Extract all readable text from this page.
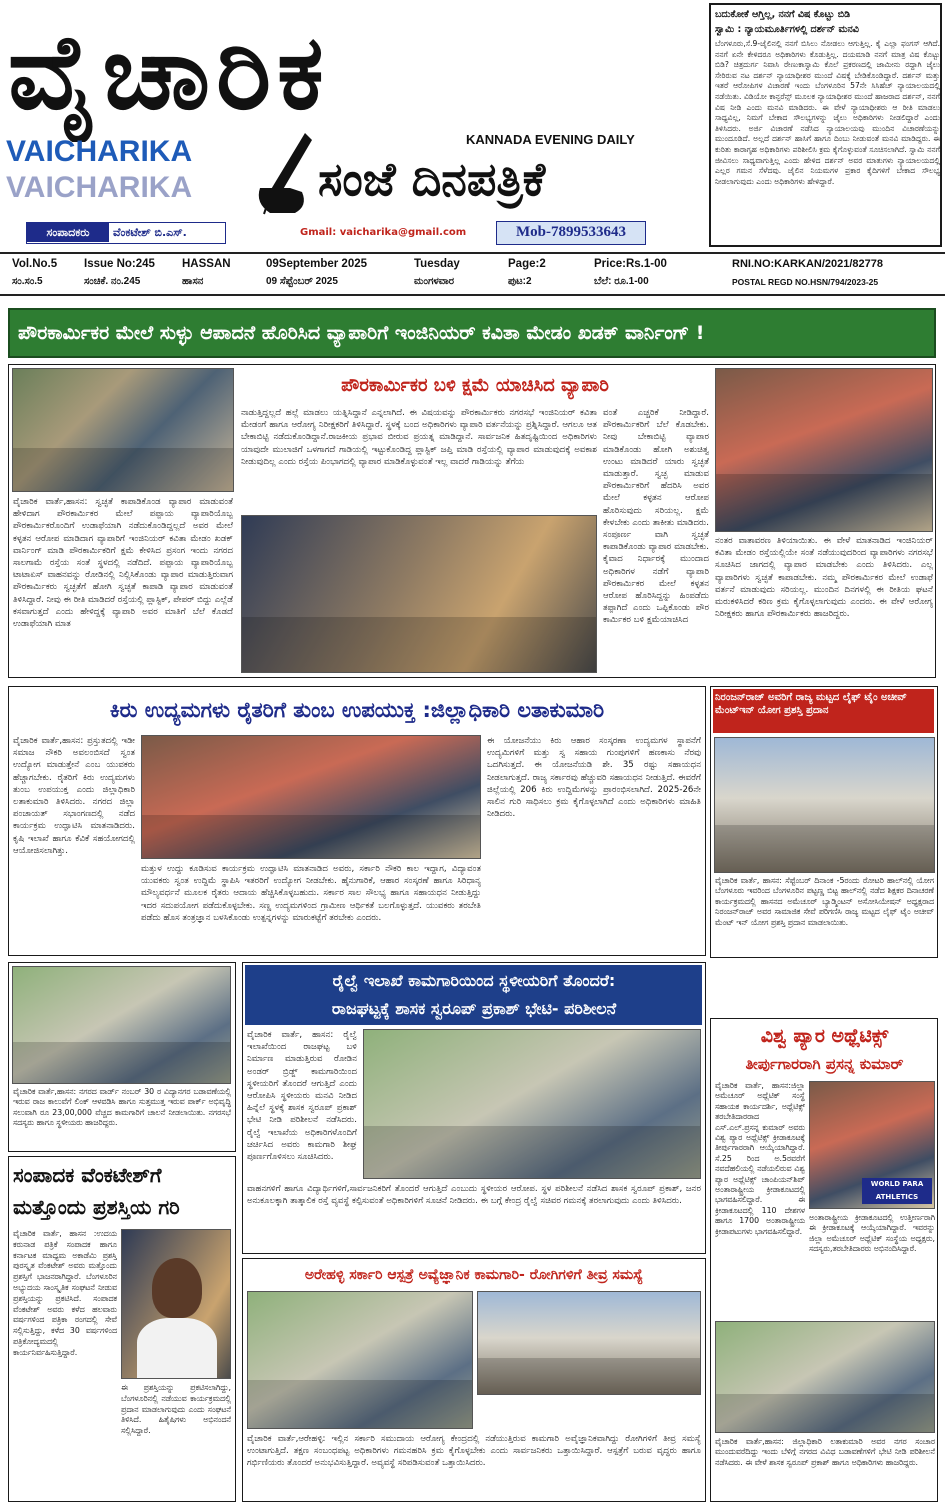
ವೈಚಾರಿಕ
VAICHARIKA
VAICHARIKA
KANNADA EVENING DAILY
ಸಂಜೆ ದಿನಪತ್ರಿಕೆ
ಸಂಪಾದಕರು	ವೆಂಕಟೇಶ್ ಬಿ.ಎಸ್.	Gmail: vaicharika@gmail.com	Mob-7899533643
ಬದುಕೋಕೆ ಆಗ್ತಿಲ್ಲ, ನನಗೆ ವಿಷ ಕೊಟ್ಟು ಬಿಡಿ
ಸ್ವಾಮಿ : ನ್ಯಾಯಮೂರ್ತಿಗಳಲ್ಲಿ ದರ್ಶನ್ ಮನವಿ
ಬೆಂಗಳೂರು,ಸೆ.9-ಜೈಲಿನಲ್ಲಿ ನನಗೆ ಬಿಸಿಲು ನೋಡಲು ಆಗುತ್ತಿಲ್ಲ. ಕೈ ಎಲ್ಲಾ ಫಂಗಸ್ ಆಗಿದೆ. ನನಗೆ ಏನೇ ಕೇಳಿದರೂ ಅಧಿಕಾರಿಗಳು ಕೊಡುತ್ತಿಲ್ಲ. ದಯಮಾಡಿ ನನಗೆ ಮಾತ್ರ ವಿಷ ಕೊಟ್ಟು ಬಿಡಿ? ಚಿತ್ರದುರ್ಗ ನಿವಾಸಿ ರೇಣುಕಾಸ್ವಾಮಿ ಕೊಲೆ ಪ್ರಕರಣದಲ್ಲಿ ಜಾಮೀನು ರದ್ದಾಗಿ ಜೈಲು ಸೇರಿರುವ ನಟ ದರ್ಶನ್ ನ್ಯಾಯಾಧೀಶರ ಮುಂದೆ ವಿಷಕ್ಕೆ ಬೇಡಿಕೊಂಡಿದ್ದಾರೆ. ದರ್ಶನ್ ಮತ್ತು ಇತರೆ ಆರೋಪಿಗಳ ವಿಚಾರಣೆ ಇಂದು ಬೆಂಗಳೂರಿನ 57ನೇ ಸಿಸಿಹೆಚ್ ನ್ಯಾಯಾಲಯದಲ್ಲಿ ನಡೆಯಿತು. ವಿಡಿಯೋ ಕಾನ್ಫರೆನ್ಸ್ ಮೂಲಕ ನ್ಯಾಯಾಧೀಶರ ಮುಂದೆ ಹಾಜರಾದ ದರ್ಶನ್, ನನಗೆ ವಿಷ ನೀಡಿ ಎಂದು ಮನವಿ ಮಾಡಿದರು. ಈ ವೇಳೆ ನ್ಯಾಯಾಧೀಶರು ಆ ರೀತಿ ಮಾಡಲು ಸಾಧ್ಯವಿಲ್ಲ, ನಿಮಗೆ ಬೇಕಾದ ಸೌಲಭ್ಯಗಳನ್ನು ಜೈಲು ಅಧಿಕಾರಿಗಳು ನೀಡಲಿದ್ದಾರೆ ಎಂದು ತಿಳಿಸಿದರು. ಅರ್ಜಿ ವಿಚಾರಣೆ ನಡೆಸಿದ ನ್ಯಾಯಾಲಯವು ಮುಂದಿನ ವಿಚಾರಣೆಯನ್ನು ಮುಂದೂಡಿದೆ. ಅಲ್ಲದೆ ದರ್ಶನ್ ಹಾಸಿಗೆ ಹಾಗೂ ದಿಂಬು ನೀಡುವಂತೆ ಮನವಿ ಮಾಡಿದ್ದರು. ಈ ಕುರಿತು ಕಾರಾಗೃಹ ಅಧಿಕಾರಿಗಳು ಪರಿಶೀಲಿಸಿ ಕ್ರಮ ಕೈಗೊಳ್ಳುವಂತೆ ಸೂಚಿಸಲಾಗಿದೆ. ಸ್ವಾಮಿ ನನಗೆ ಜೀವಿಸಲು ಸಾಧ್ಯವಾಗುತ್ತಿಲ್ಲ ಎಂದು ಹೇಳಿದ ದರ್ಶನ್ ಅವರ ಮಾತುಗಳು ನ್ಯಾಯಾಲಯದಲ್ಲಿ ಎಲ್ಲರ ಗಮನ ಸೆಳೆದವು. ಜೈಲಿನ ನಿಯಮಗಳ ಪ್ರಕಾರ ಕೈದಿಗಳಿಗೆ ಬೇಕಾದ ಸೌಲಭ್ಯ ನೀಡಲಾಗುವುದು ಎಂದು ಅಧಿಕಾರಿಗಳು ಹೇಳಿದ್ದಾರೆ.
Vol.No.5 Issue No:245 HASSAN	09September 2025	Tuesday	Page:2	Price:Rs.1-00
ಸಂ.ಸಂ.5	ಸಂಚಿಕೆ. ನಂ.245	ಹಾಸನ	09 ಸೆಪ್ಟೆಂಬರ್ 2025	ಮಂಗಳವಾರ	ಪುಟ:2	ಬೆಲೆ: ರೂ.1-00
RNI.NO:KARKAN/2021/82778
POSTAL REGD NO.HSN/794/2023-25
ಪೌರಕಾರ್ಮಿಕರ ಮೇಲೆ ಸುಳ್ಳು ಆಪಾದನೆ ಹೊರಿಸಿದ ವ್ಯಾಪಾರಿಗೆ ಇಂಜಿನಿಯರ್ ಕವಿತಾ ಮೇಡಂ ಖಡಕ್ ವಾರ್ನಿಂಗ್ !
ವೈಚಾರಿಕ ವಾರ್ತೆ,ಹಾಸನ: ಸ್ವಚ್ಛತೆ ಕಾಪಾಡಿಕೊಂಡ ವ್ಯಾಪಾರ ಮಾಡುವಂತೆ ಹೇಳಿದಾಗ ಪೌರಕಾರ್ಮಿಕರ ಮೇಲೆ ಪಪ್ಪಾಯ ವ್ಯಾಪಾರಿಯೊಬ್ಬ ಪೌರಕಾರ್ಮಿಕರೊಂದಿಗೆ ಉಡಾಫೆಯಾಗಿ ನಡೆದುಕೊಂಡಿದ್ದಲ್ಲದೆ ಅವರ ಮೇಲೆ ಕಳ್ಳತನ ಆರೋಪ ಮಾಡಿದಾಗ ವ್ಯಾಪಾರಿಗೆ ಇಂಜಿನಿಯರ್ ಕವಿತಾ ಮೇಡಂ ಖಡಕ್ ವಾರ್ನಿಂಗ್ ಮಾಡಿ ಪೌರಕಾರ್ಮಿಕರಿಗೆ ಕ್ಷಮೆ ಕೇಳಿಸಿದ ಪ್ರಸಂಗ ಇಂದು ನಗರದ ಸಾಲಗಾಮೆ ರಸ್ತೆಯ ಸಂತೆ ಸ್ಥಳದಲ್ಲಿ ನಡೆದಿದೆ. ಪಪ್ಪಾಯ ವ್ಯಾಪಾರಿಯೊಬ್ಬ ಟಾಟಾಏಸ್ ವಾಹನವನ್ನು ರೋಡಿನಲ್ಲಿ ನಿಲ್ಲಿಸಿಕೊಂಡು ವ್ಯಾಪಾರ ಮಾಡುತ್ತಿರುವಾಗ ಪೌರಕಾರ್ಮಿಕರು ಸ್ವಚ್ಛತೆಗೆ ಹೋಗಿ ಸ್ವಚ್ಛತೆ ಕಾಪಾಡಿ ವ್ಯಾಪಾರ ಮಾಡುವಂತೆ ತಿಳಿಸಿದ್ದಾರೆ. ನೀವು ಈ ರೀತಿ ಮಾಡಿದರೆ ರಸ್ತೆಯಲ್ಲಿ ಪ್ಲಾಸ್ಟಿಕ್, ಪೇಪರ್ ಬಿದ್ದು ಎಲ್ಲೆಡೆ ಕಸವಾಗುತ್ತದೆ ಎಂದು ಹೇಳಿದ್ದಕ್ಕೆ ವ್ಯಾಪಾರಿ ಅವರ ಮಾತಿಗೆ ಬೆಲೆ ಕೊಡದೆ ಉಡಾಫೆಯಾಗಿ ಮಾತ
ಪೌರಕಾರ್ಮಿಕರ ಬಳಿ ಕ್ಷಮೆ ಯಾಚಿಸಿದ ವ್ಯಾಪಾರಿ
ನಾಡುತ್ತಿದ್ದಲ್ಲದೆ ಹಲ್ಲೆ ಮಾಡಲು ಯತ್ನಿಸಿದ್ದಾನೆ ಎನ್ನಲಾಗಿದೆ. ಈ ವಿಷಯವನ್ನು ಪೌರಕಾರ್ಮಿಕರು ನಗರಸಭೆ ಇಂಜಿನಿಯರ್ ಕವಿತಾ ಮೇಡಂಗೆ ಹಾಗೂ ಆರೋಗ್ಯ ನಿರೀಕ್ಷಕರಿಗೆ ತಿಳಿಸಿದ್ದಾರೆ. ಸ್ಥಳಕ್ಕೆ ಬಂದ ಅಧಿಕಾರಿಗಳು ವ್ಯಾಪಾರಿ ವರ್ತನೆಯನ್ನು ಪ್ರಶ್ನಿಸಿದ್ದಾರೆ. ಆಗಲೂ ಆತ ಬೇಕಾಬಿಟ್ಟಿ ನಡೆದುಕೊಂಡಿದ್ದಾನೆ.ರಾಜಕೀಯ ಪ್ರಭಾವ ಬೀರುವ ಪ್ರಯತ್ನ ಮಾಡಿದ್ದಾನೆ. ಸಾರ್ವಜನಿಕ ಹಿತದೃಷ್ಟಿಯಿಂದ ಅಧಿಕಾರಿಗಳು ಯಾವುದೇ ಮುಲಾಜಿಗೆ ಒಳಗಾಗದೆ ಗಾಡಿಯಲ್ಲಿ ಇಟ್ಟುಕೊಂಡಿದ್ದ ಪ್ಲಾಸ್ಟಿಕ್ ಜಪ್ತಿ ಮಾಡಿ ರಸ್ತೆಯಲ್ಲಿ ವ್ಯಾಪಾರ ಮಾಡುವುದಕ್ಕೆ ಅವಕಾಶ ನೀಡುವುದಿಲ್ಲ ಎಂದು ರಸ್ತೆಯ ಪಿಂಭಾಗದಲ್ಲಿ ವ್ಯಾಪಾರ ಮಾಡಿಕೊಳ್ಳುವಂತೆ ಇಲ್ಲ ವಾದರೆ ಗಾಡಿಯನ್ನು ತೆಗೆಯ
ವಂತೆ ಎಚ್ಚರಿಕೆ ನೀಡಿದ್ದಾರೆ. ಪೌರಕಾರ್ಮಿಕರಿಗೆ ಬೆಲೆ ಕೊಡಬೇಕು. ನೀವು ಬೇಕಾಬಿಟ್ಟಿ ವ್ಯಾಪಾರ ಮಾಡಿಕೊಂಡು ಹೋಗಿ ಅಶುಚಿತ್ವ ಉಂಟು ಮಾಡಿದರೆ ಯಾರು ಸ್ವಚ್ಛತೆ ಮಾಡುತ್ತಾರೆ. ಸ್ವಚ್ಛ ಮಾಡುವ ಪೌರಕಾರ್ಮಿಕರಿಗೆ ಹೆದರಿಸಿ ಅವರ ಮೇಲೆ ಕಳ್ಳತನ ಆರೋಪ ಹೊರಿಸುವುದು ಸರಿಯಲ್ಲ. ಕ್ಷಮೆ ಕೇಳಬೇಕು ಎಂದು ತಾಕೀತು ಮಾಡಿದರು. ಸಂಪೂರ್ಣ ವಾಗಿ ಸ್ವಚ್ಛತೆ ಕಾಪಾಡಿಕೊಂಡು ವ್ಯಾಪಾರ ಮಾಡಬೇಕು. ಕೈವಾದ ನಿರ್ಧಾರಕ್ಕೆ ಮುಂದಾದ ಅಧಿಕಾರಿಗಳ ನಡೆಗೆ ವ್ಯಾಪಾರಿ ಪೌರಕಾರ್ಮಿಕರ ಮೇಲೆ ಕಳ್ಳತನ ಆರೋಪ ಹೊರಿಸಿದ್ದನ್ನು ಹಿಂಪಡೆದು ತಪ್ಪಾಗಿದೆ ಎಂದು ಒಪ್ಪಿಕೊಂಡು ಪೌರ ಕಾರ್ಮಿಕರ ಬಳಿ ಕ್ಷಮೆಯಾಚಿಸಿದ
ನಂತರ ವಾತಾವರಣ ತಿಳಿಯಾಯಿತು. ಈ ವೇಳೆ ಮಾತನಾಡಿದ ಇಂಜಿನಿಯರ್ ಕವಿತಾ ಮೇಡಂ ರಸ್ತೆಯಲ್ಲಿಯೇ ಸಂತೆ ನಡೆಯುವುದರಿಂದ ವ್ಯಾಪಾರಿಗಳು ನಗರಸಭೆ ಸೂಚಿಸಿದ ಜಾಗದಲ್ಲಿ ವ್ಯಾಪಾರ ಮಾಡಬೇಕು ಎಂದು ತಿಳಿಸಿದರು. ಎಲ್ಲ ವ್ಯಾಪಾರಿಗಳು ಸ್ವಚ್ಛತೆ ಕಾಪಾಡಬೇಕು. ನಮ್ಮ ಪೌರಕಾರ್ಮಿಕರ ಮೇಲೆ ಉಡಾಫೆ ವರ್ತನೆ ಮಾಡುವುದು ಸರಿಯಲ್ಲ. ಮುಂದಿನ ದಿನಗಳಲ್ಲಿ ಈ ರೀತಿಯ ಘಟನೆ ಮರುಕಳಿಸಿದರೆ ಕಠಿಣ ಕ್ರಮ ಕೈಗೊಳ್ಳಲಾಗುವುದು ಎಂದರು. ಈ ವೇಳೆ ಆರೋಗ್ಯ ನಿರೀಕ್ಷಕರು ಹಾಗೂ ಪೌರಕಾರ್ಮಿಕರು ಹಾಜರಿದ್ದರು.
ಕಿರು ಉದ್ಯಮಗಳು ರೈತರಿಗೆ ತುಂಬ ಉಪಯುಕ್ತ :ಜಿಲ್ಲಾಧಿಕಾರಿ ಲತಾಕುಮಾರಿ
ವೈಚಾರಿಕ ವಾರ್ತೆ,ಹಾಸನ: ಪ್ರಸ್ತುತದಲ್ಲಿ ಇಡೀ ಸಮಾಜ ನೌಕರಿ ಅವಲಂಬಿಸದೆ ಸ್ವಂತ ಉದ್ಯೋಗ ಮಾಡುತ್ತೇನೆ ಎಂಬ ಯುವಕರು ಹೆಚ್ಚಾಗಬೇಕು. ರೈತರಿಗೆ ಕಿರು ಉದ್ಯಮಗಳು ತುಂಬ ಉಪಯುಕ್ತ ಎಂದು ಜಿಲ್ಲಾಧಿಕಾರಿ ಲತಾಕುಮಾರಿ ತಿಳಿಸಿದರು. ನಗರದ ಜಿಲ್ಲಾ ಪಂಚಾಯತ್ ಸಭಾಂಗಣದಲ್ಲಿ ನಡೆದ ಕಾರ್ಯಕ್ರಮ ಉದ್ಘಾಟಿಸಿ ಮಾತನಾಡಿದರು. ಕೃಷಿ ಇಲಾಖೆ ಹಾಗೂ ಕೆವಿಕೆ ಸಹಯೋಗದಲ್ಲಿ ಆಯೋಜಿಸಲಾಗಿತ್ತು.
ಮತ್ತುಳ ಉದ್ದು ಕೂಡಿಸುವ ಕಾರ್ಯಕ್ರಮ ಉದ್ಘಾಟಿಸಿ ಮಾತನಾಡಿದ ಅವರು, ಸರ್ಕಾರಿ ನೌಕರಿ ಕಾಲ ಇದ್ದಾಗ, ವಿದ್ಯಾವಂತ ಯುವಕರು ಸ್ವಂತ ಉದ್ದಿಮೆ ಸ್ಥಾಪಿಸಿ ಇತರರಿಗೆ ಉದ್ಯೋಗ ನೀಡಬೇಕು. ಹೈನುಗಾರಿಕೆ, ಆಹಾರ ಸಂಸ್ಕರಣೆ ಹಾಗೂ ಸಿರಿಧಾನ್ಯ ಮೌಲ್ಯವರ್ಧನೆ ಮೂಲಕ ರೈತರು ಆದಾಯ ಹೆಚ್ಚಿಸಿಕೊಳ್ಳಬಹುದು. ಸರ್ಕಾರ ಸಾಲ ಸೌಲಭ್ಯ ಹಾಗೂ ಸಹಾಯಧನ ನೀಡುತ್ತಿದ್ದು ಇದರ ಸದುಪಯೋಗ ಪಡೆದುಕೊಳ್ಳಬೇಕು. ಸಣ್ಣ ಉದ್ಯಮಗಳಿಂದ ಗ್ರಾಮೀಣ ಆರ್ಥಿಕತೆ ಬಲಗೊಳ್ಳುತ್ತದೆ. ಯುವಕರು ತರಬೇತಿ ಪಡೆದು ಹೊಸ ತಂತ್ರಜ್ಞಾನ ಬಳಸಿಕೊಂಡು ಉತ್ಪನ್ನಗಳನ್ನು ಮಾರುಕಟ್ಟೆಗೆ ತರಬೇಕು ಎಂದರು.
ಈ ಯೋಜನೆಯು ಕಿರು ಆಹಾರ ಸಂಸ್ಕರಣಾ ಉದ್ಯಮಗಳ ಸ್ಥಾಪನೆಗೆ ಉದ್ಯಮಿಗಳಿಗೆ ಮತ್ತು ಸ್ವ ಸಹಾಯ ಗುಂಪುಗಳಿಗೆ ಹಣಕಾಸು ನೆರವು ಒದಗಿಸುತ್ತದೆ. ಈ ಯೋಜನೆಯಡಿ ಶೇ. 35 ರಷ್ಟು ಸಹಾಯಧನ ನೀಡಲಾಗುತ್ತದೆ. ರಾಜ್ಯ ಸರ್ಕಾರವು ಹೆಚ್ಚುವರಿ ಸಹಾಯಧನ ನೀಡುತ್ತಿದೆ. ಈವರೆಗೆ ಜಿಲ್ಲೆಯಲ್ಲಿ 206 ಕಿರು ಉದ್ದಿಮೆಗಳನ್ನು ಪ್ರಾರಂಭಿಸಲಾಗಿದೆ. 2025-26ನೇ ಸಾಲಿನ ಗುರಿ ಸಾಧಿಸಲು ಕ್ರಮ ಕೈಗೊಳ್ಳಲಾಗಿದೆ ಎಂದು ಅಧಿಕಾರಿಗಳು ಮಾಹಿತಿ ನೀಡಿದರು.
ನಿರಂಜನ್‌ರಾಜ್ ಅವರಿಗೆ ರಾಜ್ಯ ಮಟ್ಟದ ಲೈಫ್ ಟೈಂ ಅಚೀವ್ ಮೆಂಟ್‌ಇನ್ ಯೋಗ ಪ್ರಶಸ್ತಿ ಪ್ರದಾನ
ವೈಚಾರಿಕ ವಾರ್ತೆ, ಹಾಸನ: ಸೆಪ್ಟೆಂಬರ್ ದಿನಾಂಕ -5ರಂದು ರೋಟರಿ ಹಾಲ್‌ನಲ್ಲಿ ಯೋಗ ಬೆಂಗಳೂರು ಇವರಿಂದ ಬೆಂಗಳೂರಿನ ಪಟ್ಟಣ್ಣ ಬಿಟ್ಟ ಹಾಲ್‌ನಲ್ಲಿ ನಡೆದ ಶಿಕ್ಷಕರ ದಿನಾಚರಣೆ ಕಾರ್ಯಕ್ರಮದಲ್ಲಿ ಹಾಸನದ ಅಮೆಚೂರ್ ಬ್ಯಾಡ್ಮಿಂಟನ್ ಅಸೋಸಿಯೇಷನ್ ಅಧ್ಯಕ್ಷರಾದ ನಿರಂಜನ್‌ರಾಜ್ ಅವರ ಸಾಮಾಜಿಕ ಸೇವೆ ಪರಿಗಣಿಸಿ ರಾಜ್ಯ ಮಟ್ಟದ ಲೈಫ್ ಟೈಂ ಅಚೀವ್ ಮೆಂಟ್ ಇನ್ ಯೋಗ ಪ್ರಶಸ್ತಿ ಪ್ರದಾನ ಮಾಡಲಾಯಿತು.
ವೈಚಾರಿಕ ವಾರ್ತೆ,ಹಾಸನ: ನಗರದ ವಾರ್ಡ್ ನಂಬರ್ 30 ರ ವಿದ್ಯಾನಗರ ಬಡಾವಣೆಯಲ್ಲಿ ಇರುವ ರಾಜ ಕಾಲುವೆಗೆ ಲಿಂಕ್ ಆಳವಡಿಸಿ ಹಾಗೂ ಸುತ್ತಮುತ್ತ ಇರುವ ಪಾರ್ಕ್ ಅಭಿವೃದ್ಧಿ ಸಲುವಾಗಿ ರೂ 23,00,000 ವೆಚ್ಚದ ಕಾಮಗಾರಿಗೆ ಚಾಲನೆ ನೀಡಲಾಯಿತು. ನಗರಸಭೆ ಸದಸ್ಯರು ಹಾಗೂ ಸ್ಥಳೀಯರು ಹಾಜರಿದ್ದರು.
ರೈಲ್ವೆ ಇಲಾಖೆ ಕಾಮಗಾರಿಯಿಂದ ಸ್ಥಳೀಯರಿಗೆ ತೊಂದರೆ:
ರಾಜಘಟ್ಟಕ್ಕೆ ಶಾಸಕ ಸ್ವರೂಪ್ ಪ್ರಕಾಶ್ ಭೇಟಿ- ಪರಿಶೀಲನೆ
ವೈಚಾರಿಕ ವಾರ್ತೆ, ಹಾಸನ: ರೈಲ್ವೆ ಇಲಾಖೆಯಿಂದ ರಾಜಘಟ್ಟ ಬಳಿ ನಿರ್ಮಾಣ ಮಾಡುತ್ತಿರುವ ರೋಡಿನ ಅಂಡರ್ ಬ್ರಿಡ್ಜ್ ಕಾಮಗಾರಿಯಿಂದ ಸ್ಥಳೀಯರಿಗೆ ತೊಂದರೆ ಆಗುತ್ತಿದೆ ಎಂದು ಆರೋಪಿಸಿ ಸ್ಥಳೀಯರು ಮನವಿ ನೀಡಿದ ಹಿನ್ನೆಲೆ ಸ್ಥಳಕ್ಕೆ ಶಾಸಕ ಸ್ವರೂಪ್ ಪ್ರಕಾಶ್ ಭೇಟಿ ನೀಡಿ ಪರಿಶೀಲನೆ ನಡೆಸಿದರು. ರೈಲ್ವೆ ಇಲಾಖೆಯ ಅಧಿಕಾರಿಗಳೊಂದಿಗೆ ಚರ್ಚಿಸಿದ ಅವರು ಕಾಮಗಾರಿ ಶೀಘ್ರ ಪೂರ್ಣಗೊಳಿಸಲು ಸೂಚಿಸಿದರು.
ವಾಹನಗಳಿಗೆ ಹಾಗೂ ವಿದ್ಯಾರ್ಥಿಗಳಿಗೆ,ಸಾರ್ವಜನಿಕರಿಗೆ ತೊಂದರೆ ಆಗುತ್ತಿದೆ ಎಂಬುದು ಸ್ಥಳೀಯರ ಆರೋಪ. ಸ್ಥಳ ಪರಿಶೀಲನೆ ನಡೆಸಿದ ಶಾಸಕ ಸ್ವರೂಪ್ ಪ್ರಕಾಶ್, ಜನರ ಅನುಕೂಲಕ್ಕಾಗಿ ತಾತ್ಕಾಲಿಕ ರಸ್ತೆ ವ್ಯವಸ್ಥೆ ಕಲ್ಪಿಸುವಂತೆ ಅಧಿಕಾರಿಗಳಿಗೆ ಸೂಚನೆ ನೀಡಿದರು. ಈ ಬಗ್ಗೆ ಕೇಂದ್ರ ರೈಲ್ವೆ ಸಚಿವರ ಗಮನಕ್ಕೆ ತರಲಾಗುವುದು ಎಂದು ತಿಳಿಸಿದರು.
ಸಂಪಾದಕ ವೆಂಕಟೇಶ್‌ಗೆ ಮತ್ತೊಂದು ಪ್ರಶಸ್ತಿಯ ಗರಿ
ವೈಚಾರಿಕ ವಾರ್ತೆ, ಹಾಸನ :ಉದಯ ಕರುನಾಡ ಪತ್ರಿಕೆ ಸಂಪಾದಕ ಹಾಗೂ ಕರ್ನಾಟಕ ಮಾಧ್ಯಮ ಅಕಾಡೆಮಿ ಪ್ರಶಸ್ತಿ ಪುರಸ್ಕೃತ ವೆಂಕಟೇಶ್ ಅವರು ಮತ್ತೊಂದು ಪ್ರಶಸ್ತಿಗೆ ಭಾಜನರಾಗಿದ್ದಾರೆ. ಬೆಂಗಳೂರಿನ ಅಭ್ಯುದಯ ಸಾಂಸ್ಕೃತಿಕ ಸಂಘಟನೆ ನೀಡುವ ಪ್ರಶಸ್ತಿಯನ್ನು ಪ್ರಕಟಿಸಿದೆ. ಸಂಪಾದಕ ವೆಂಕಟೇಶ್ ಅವರು ಕಳೆದ ಹಲವಾರು ವರ್ಷಗಳಿಂದ ಪತ್ರಿಕಾ ರಂಗದಲ್ಲಿ ಸೇವೆ ಸಲ್ಲಿಸುತ್ತಿದ್ದು, ಕಳೆದ 30 ವರ್ಷಗಳಿಂದ ಪತ್ರಿಕೋದ್ಯಮದಲ್ಲಿ ಕಾರ್ಯನಿರ್ವಹಿಸುತ್ತಿದ್ದಾರೆ.
ಈ ಪ್ರಶಸ್ತಿಯನ್ನು ಪ್ರಕಟಿಸಲಾಗಿದ್ದು, ಬೆಂಗಳೂರಿನಲ್ಲಿ ನಡೆಯುವ ಕಾರ್ಯಕ್ರಮದಲ್ಲಿ ಪ್ರದಾನ ಮಾಡಲಾಗುವುದು ಎಂದು ಸಂಘಟನೆ ತಿಳಿಸಿದೆ. ಹಿತೈಷಿಗಳು ಅಭಿನಂದನೆ ಸಲ್ಲಿಸಿದ್ದಾರೆ.
ಅರೇಹಳ್ಳಿ ಸರ್ಕಾರಿ ಆಸ್ಪತ್ರೆ ಅವ್ಯೆಜ್ಞಾನಿಕ ಕಾಮಗಾರಿ- ರೋಗಿಗಳಿಗೆ ತೀವ್ರ ಸಮಸ್ಯೆ
ವೈಚಾರಿಕ ವಾರ್ತೆ,ಆರೇಹಳ್ಳಿ: ಇಲ್ಲಿನ ಸರ್ಕಾರಿ ಸಮುದಾಯ ಆರೋಗ್ಯ ಕೇಂದ್ರದಲ್ಲಿ ನಡೆಯುತ್ತಿರುವ ಕಾಮಗಾರಿ ಅವೈಜ್ಞಾನಿಕವಾಗಿದ್ದು ರೋಗಿಗಳಿಗೆ ತೀವ್ರ ಸಮಸ್ಯೆ ಉಂಟಾಗುತ್ತಿದೆ. ತಕ್ಷಣ ಸಂಬಂಧಪಟ್ಟ ಅಧಿಕಾರಿಗಳು ಗಮನಹರಿಸಿ ಕ್ರಮ ಕೈಗೊಳ್ಳಬೇಕು ಎಂದು ಸಾರ್ವಜನಿಕರು ಒತ್ತಾಯಿಸಿದ್ದಾರೆ. ಆಸ್ಪತ್ರೆಗೆ ಬರುವ ವೃದ್ಧರು ಹಾಗೂ ಗರ್ಭಿಣಿಯರು ತೊಂದರೆ ಅನುಭವಿಸುತ್ತಿದ್ದಾರೆ. ಅವ್ಯವಸ್ಥೆ ಸರಿಪಡಿಸುವಂತೆ ಒತ್ತಾಯಿಸಿದರು.
ವಿಶ್ವ ಪ್ಯಾರ ಅಥ್ಲೆಟಿಕ್ಸ್
ತೀರ್ಪುಗಾರರಾಗಿ ಪ್ರಸನ್ನ ಕುಮಾರ್
ವೈಚಾರಿಕ ವಾರ್ತೆ, ಹಾಸನ:ಜಿಲ್ಲಾ ಅಮೆಚೂರ್ ಅಥ್ಲೆಟಿಕ್ ಸಂಸ್ಥೆ ಸಹಾಯಕ ಕಾರ್ಯದರ್ಶಿ, ಅಥ್ಲೆಟಿಕ್ಸ್ ತರಬೇತಿದಾರರಾದ ಎಸ್.ಎಲ್.ಪ್ರಸನ್ನ ಕುಮಾರ್ ಅವರು ವಿಶ್ವ ಪ್ಯಾರ ಅಥ್ಲೆಟಿಕ್ಸ್ ಕ್ರೀಡಾಕೂಟಕ್ಕೆ ತೀರ್ಪುಗಾರರಾಗಿ ಆಯ್ಕೆಯಾಗಿದ್ದಾರೆ. ಸೆ.25 ರಿಂದ ಅ.5ರವರೆಗೆ ನವದೆಹಲಿಯಲ್ಲಿ ನಡೆಯಲಿರುವ ವಿಶ್ವ ಪ್ಯಾರ ಅಥ್ಲೆಟಿಕ್ಸ್ ಚಾಂಪಿಯನ್‌ಶಿಪ್ ಅಂತಾರಾಷ್ಟ್ರೀಯ ಕ್ರೀಡಾಕೂಟದಲ್ಲಿ ಭಾಗವಹಿಸಲಿದ್ದಾರೆ. ಈ ಕ್ರೀಡಾಕೂಟದಲ್ಲಿ 110 ದೇಶಗಳ ಹಾಗೂ 1700 ಅಂತಾರಾಷ್ಟ್ರೀಯ ಕ್ರೀಡಾಪಟುಗಳು ಭಾಗವಹಿಸಲಿದ್ದಾರೆ.
WORLD PARA ATHLETICS
ಅಂತಾರಾಷ್ಟ್ರೀಯ ಕ್ರೀಡಾಕೂಟದಲ್ಲಿ ಉತ್ತೀರ್ಣರಾಗಿ ಈ ಕ್ರೀಡಾಕೂಟಕ್ಕೆ ಆಯ್ಕೆಯಾಗಿದ್ದಾರೆ. ಇವರನ್ನು ಜಿಲ್ಲಾ ಅಮೆಚೂರ್ ಅಥ್ಲೆಟಿಕ್ ಸಂಸ್ಥೆಯ ಅಧ್ಯಕ್ಷರು, ಸದಸ್ಯರು,ತರಬೇತಿದಾರರು ಅಭಿನಂದಿಸಿದ್ದಾರೆ.
ವೈಚಾರಿಕ ವಾರ್ತೆ,ಹಾಸನ: ಜಿಲ್ಲಾಧಿಕಾರಿ ಲತಾಕುಮಾರಿ ಅವರ ನಗರ ಸಂಚಾರ ಮುಂದುವರೆದಿದ್ದು ಇಂದು ಬೆಳಿಗ್ಗೆ ನಗರದ ವಿವಿಧ ಬಡಾವಣೆಗಳಿಗೆ ಭೇಟಿ ನೀಡಿ ಪರಿಶೀಲನೆ ನಡೆಸಿದರು. ಈ ವೇಳೆ ಶಾಸಕ ಸ್ವರೂಪ್ ಪ್ರಕಾಶ್ ಹಾಗೂ ಅಧಿಕಾರಿಗಳು ಹಾಜರಿದ್ದರು.
